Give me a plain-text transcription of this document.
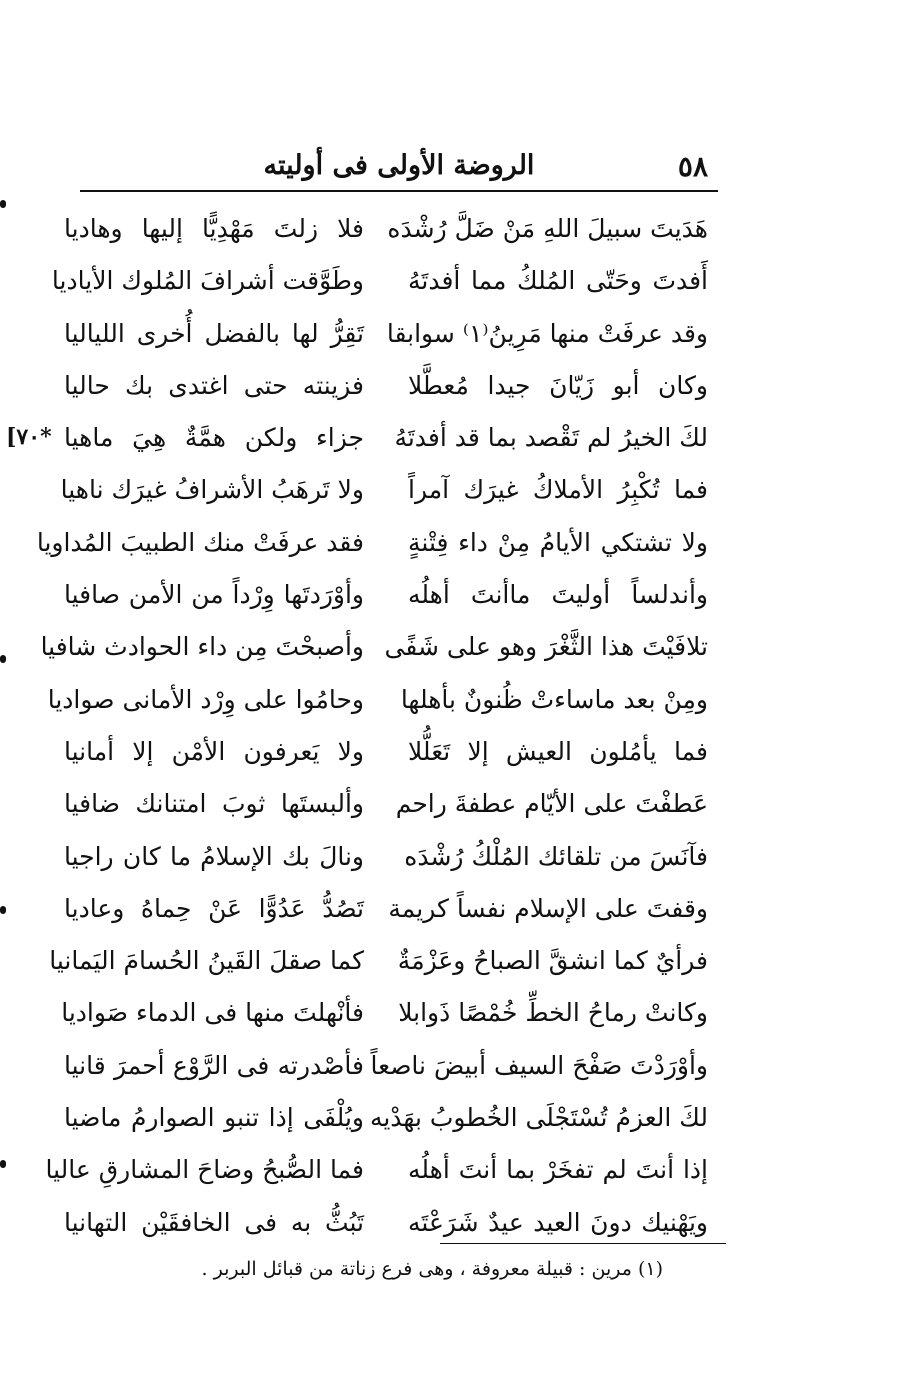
٥٨
الروضة الأولى فى أوليته
[٧٠*
هَدَيتَ سبيلَ اللهِ مَنْ ضَلَّ رُشْدَه
فلا زلتَ مَهْدِيًّا إليها وهاديا
أَفدتَ وحَتّى المُلكُ مما أفدتَهُ
وطَوَّقت أشرافَ المُلوك الأياديا
وقد عرفَتْ منها مَرِينُ⁽١⁾ سوابقا
تَقِرُّ لها بالفضل أُخرى اللياليا
وكان أبو زَيّانَ جيدا مُعطَّلا
فزينته حتى اغتدى بك حاليا
لكَ الخيرُ لم تَقْصد بما قد أفدتَهُ
جزاء ولكن همَّةٌ هِيَ ماهيا
فما تُكْبِرُ الأملاكُ غيرَك آمراً
ولا تَرهَبُ الأشرافُ غيرَك ناهيا
ولا تشتكي الأيامُ مِنْ داء فِتْنةٍ
فقد عرفَتْ منك الطبيبَ المُداويا
وأندلساً أوليتَ ماأنتَ أهلُه
وأوْرَدتَها وِرْداً من الأمن صافيا
تلافَيْتَ هذا الثَّغْرَ وهو على شَفًى
وأصبحْتَ مِن داء الحوادث شافيا
ومِنْ بعد ماساءتْ ظُنونٌ بأهلها
وحامُوا على وِرْد الأمانى صواديا
فما يأمُلون العيش إلا تَعَلُّلا
ولا يَعرفون الأمْن إلا أمانيا
عَطفْتَ على الأيّام عطفةَ راحم
وألبستَها ثوبَ امتنانك ضافيا
فآنَسَ من تلقائك المُلْكُ رُشْدَه
ونالَ بك الإسلامُ ما كان راجيا
وقفتَ على الإسلام نفساً كريمة
تَصُدُّ عَدُوًّا عَنْ حِماهُ وعاديا
فرأيٌ كما انشقَّ الصباحُ وعَزْمَةٌ
كما صقلَ القَينُ الحُسامَ اليَمانيا
وكانتْ رماحُ الخطِّ خُمْصًا ذَوابلا
فأنْهلتَ منها فى الدماء صَواديا
وأوْرَدْتَ صَفْحَ السيف أبيضَ ناصعاً
فأصْدرته فى الرَّوْع أحمرَ قانيا
لكَ العزمُ تُسْتَجْلَى الخُطوبُ بهَدْيه
ويُلْفَى إذا تنبو الصوارمُ ماضيا
إذا أنتَ لم تفخَرْ بما أنتَ أهلُه
فما الصُّبحُ وضاحَ المشارقِ عاليا
ويَهْنيك دونَ العيد عيدٌ شَرَعْتَه
تَبُثُّ به فى الخافقَيْن التهانيا
(١) مرين : قبيلة معروفة ، وهى فرع زناتة من قبائل البربر .
